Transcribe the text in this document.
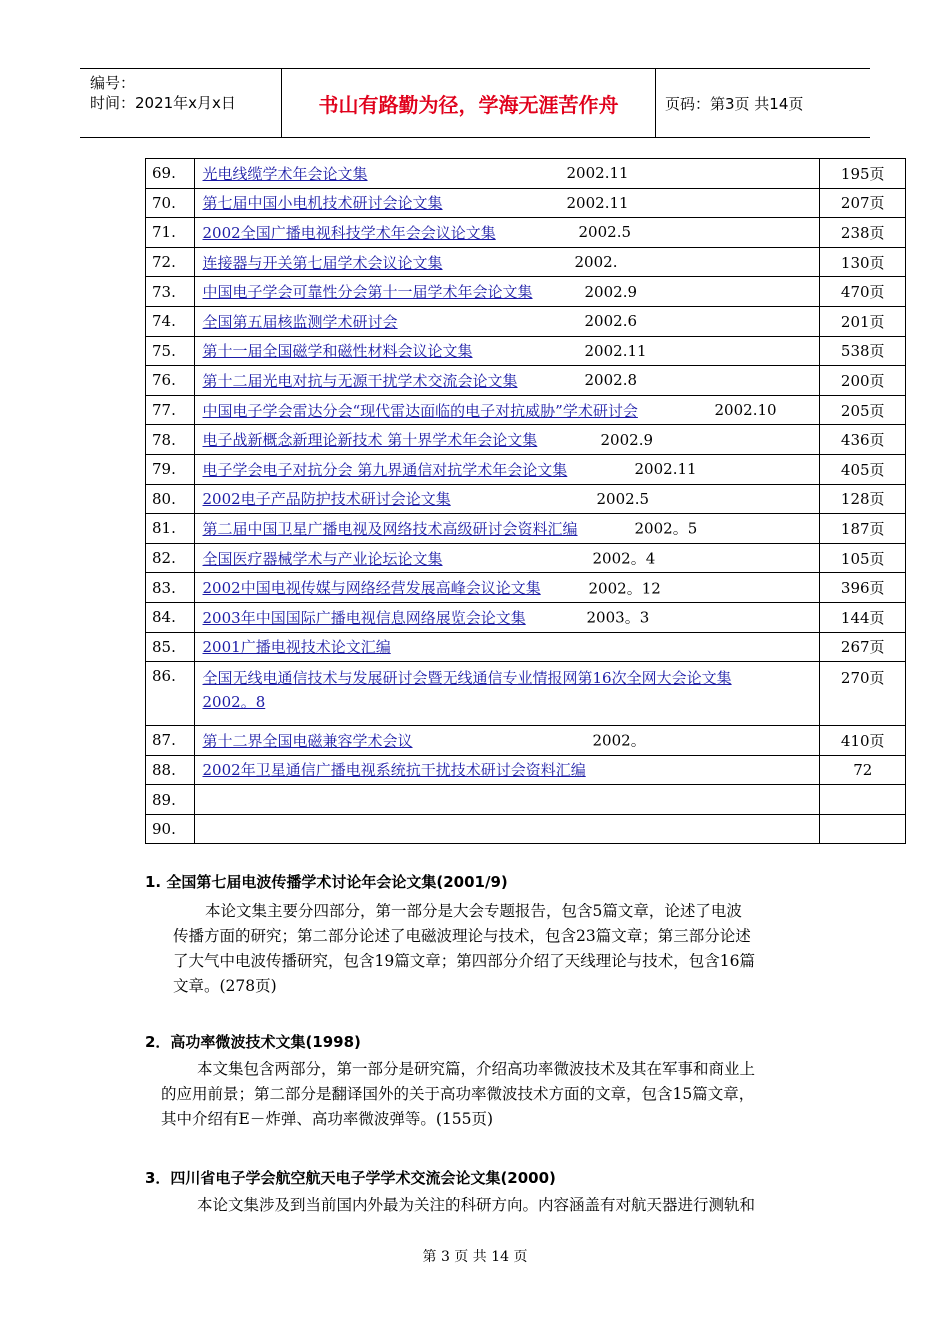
编号：
时间：2021年x月x日	书山有路勤为径，学海无涯苦作舟	页码：第3页 共14页
69.	光电线缆学术年会论文集 2002.11	195页
70.	第七届中国小电机技术研讨会论文集 2002.11	207页
71.	2002全国广播电视科技学术年会会议论文集 2002.5	238页
72.	连接器与开关第七届学术会议论文集 2002.	130页
73.	中国电子学会可靠性分会第十一届学术年会论文集 2002.9	470页
74.	全国第五届核监测学术研讨会 2002.6	201页
75.	第十一届全国磁学和磁性材料会议论文集 2002.11	538页
76.	第十二届光电对抗与无源干扰学术交流会论文集 2002.8	200页
77.	中国电子学会雷达分会“现代雷达面临的电子对抗威胁”学术研讨会 2002.10	205页
78.	电子战新概念新理论新技术 第十界学术年会论文集 2002.9	436页
79.	电子学会电子对抗分会 第九界通信对抗学术年会论文集 2002.11	405页
80.	2002电子产品防护技术研讨会论文集 2002.5	128页
81.	第二届中国卫星广播电视及网络技术高级研讨会资料汇编 2002。5	187页
82.	全国医疗器械学术与产业论坛论文集 2002。4	105页
83.	2002中国电视传媒与网络经营发展高峰会议论文集 2002。12	396页
84.	2003年中国国际广播电视信息网络展览会论文集 2003。3	144页
85.	2001广播电视技术论文汇编	267页
86.	全国无线电通信技术与发展研讨会暨无线通信专业情报网第16次全网大会论文集
2002。8	270页
87.	第十二界全国电磁兼容学术会议 2002。	410页
88.	2002年卫星通信广播电视系统抗干扰技术研讨会资料汇编	72
89.		
90.		
1. 全国第七届电波传播学术讨论年会论文集(2001/9)
本论文集主要分四部分，第一部分是大会专题报告，包含5篇文章，论述了电波
传播方面的研究；第二部分论述了电磁波理论与技术，包含23篇文章；第三部分论述
了大气中电波传播研究，包含19篇文章；第四部分介绍了天线理论与技术，包含16篇
文章。(278页)
2．高功率微波技术文集(1998)
本文集包含两部分，第一部分是研究篇，介绍高功率微波技术及其在军事和商业上
的应用前景；第二部分是翻译国外的关于高功率微波技术方面的文章，包含15篇文章，
其中介绍有E－炸弹、高功率微波弹等。(155页)
3．四川省电子学会航空航天电子学学术交流会论文集(2000)
本论文集涉及到当前国内外最为关注的科研方向。内容涵盖有对航天器进行测轨和
第 3 页 共 14 页
